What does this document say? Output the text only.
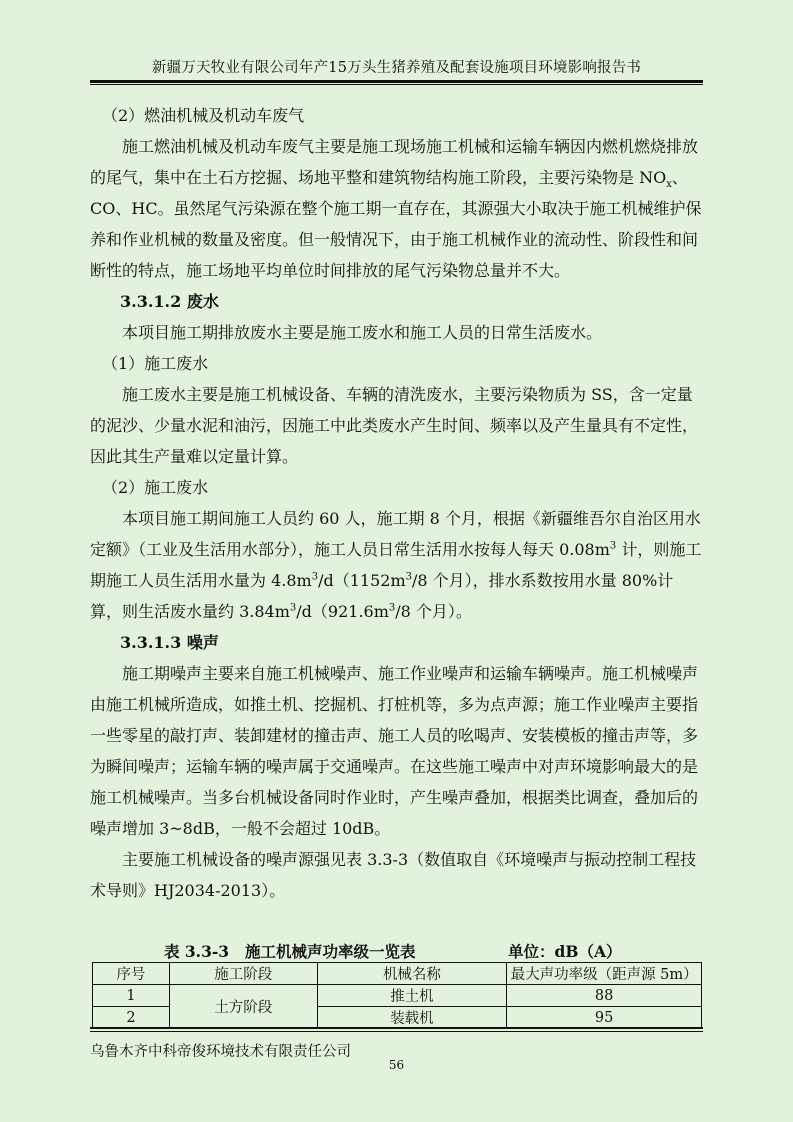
新疆万天牧业有限公司年产15万头生猪养殖及配套设施项目环境影响报告书

（2）燃油机械及机动车废气

施工燃油机械及机动车废气主要是施工现场施工机械和运输车辆因内燃机燃烧排放的尾气，集中在土石方挖掘、场地平整和建筑物结构施工阶段，主要污染物是 $NO_x$、CO、HC。虽然尾气污染源在整个施工期一直存在，其源强大小取决于施工机械维护保养和作业机械的数量及密度。但一般情况下，由于施工机械作业的流动性、阶段性和间断性的特点，施工场地平均单位时间排放的尾气污染物总量并不大。

3.3.1.2 废水

本项目施工期排放废水主要是施工废水和施工人员的日常生活废水。

（1）施工废水

施工废水主要是施工机械设备、车辆的清洗废水，主要污染物质为 SS，含一定量的泥沙、少量水泥和油污，因施工中此类废水产生时间、频率以及产生量具有不定性，因此其生产量难以定量计算。

（2）施工废水

本项目施工期间施工人员约 60 人，施工期 8 个月，根据《新疆维吾尔自治区用水定额》（工业及生活用水部分），施工人员日常生活用水按每人每天 $0.08m^3$ 计，则施工期施工人员生活用水量为 $4.8m^3/d(1152m^3/8$ 个月），排水系数按用水量 80%计算，则生活废水量约 $3.84m^3/d(921.6m^3/8$ 个月）。

3.3.1.3 噪声

施工期噪声主要来自施工机械噪声、施工作业噪声和运输车辆噪声。施工机械噪声由施工机械所造成，如推土机、挖掘机、打桩机等，多为点声源；施工作业噪声主要指一些零星的敲打声、装卸建材的撞击声、施工人员的吆喝声、安装模板的撞击声等，多为瞬间噪声；运输车辆的噪声属于交通噪声。在这些施工噪声中对声环境影响最大的是施工机械噪声。当多台机械设备同时作业时，产生噪声叠加，根据类比调查，叠加后的噪声增加 3~8dB，一般不会超过 10dB。

主要施工机械设备的噪声源强见表 3.3-3（数值取自《环境噪声与振动控制工程技术导则》HJ2034-2013）。

表 3.3-3 施工机械声功率级一览表	单位：dB（A）
序号	施工阶段	机械名称	最大声功率级（距声源 5m）
1	土方阶段	推土机	88
2		装载机	95
乌鲁木齐中科帝俊环境技术有限责任公司
56
